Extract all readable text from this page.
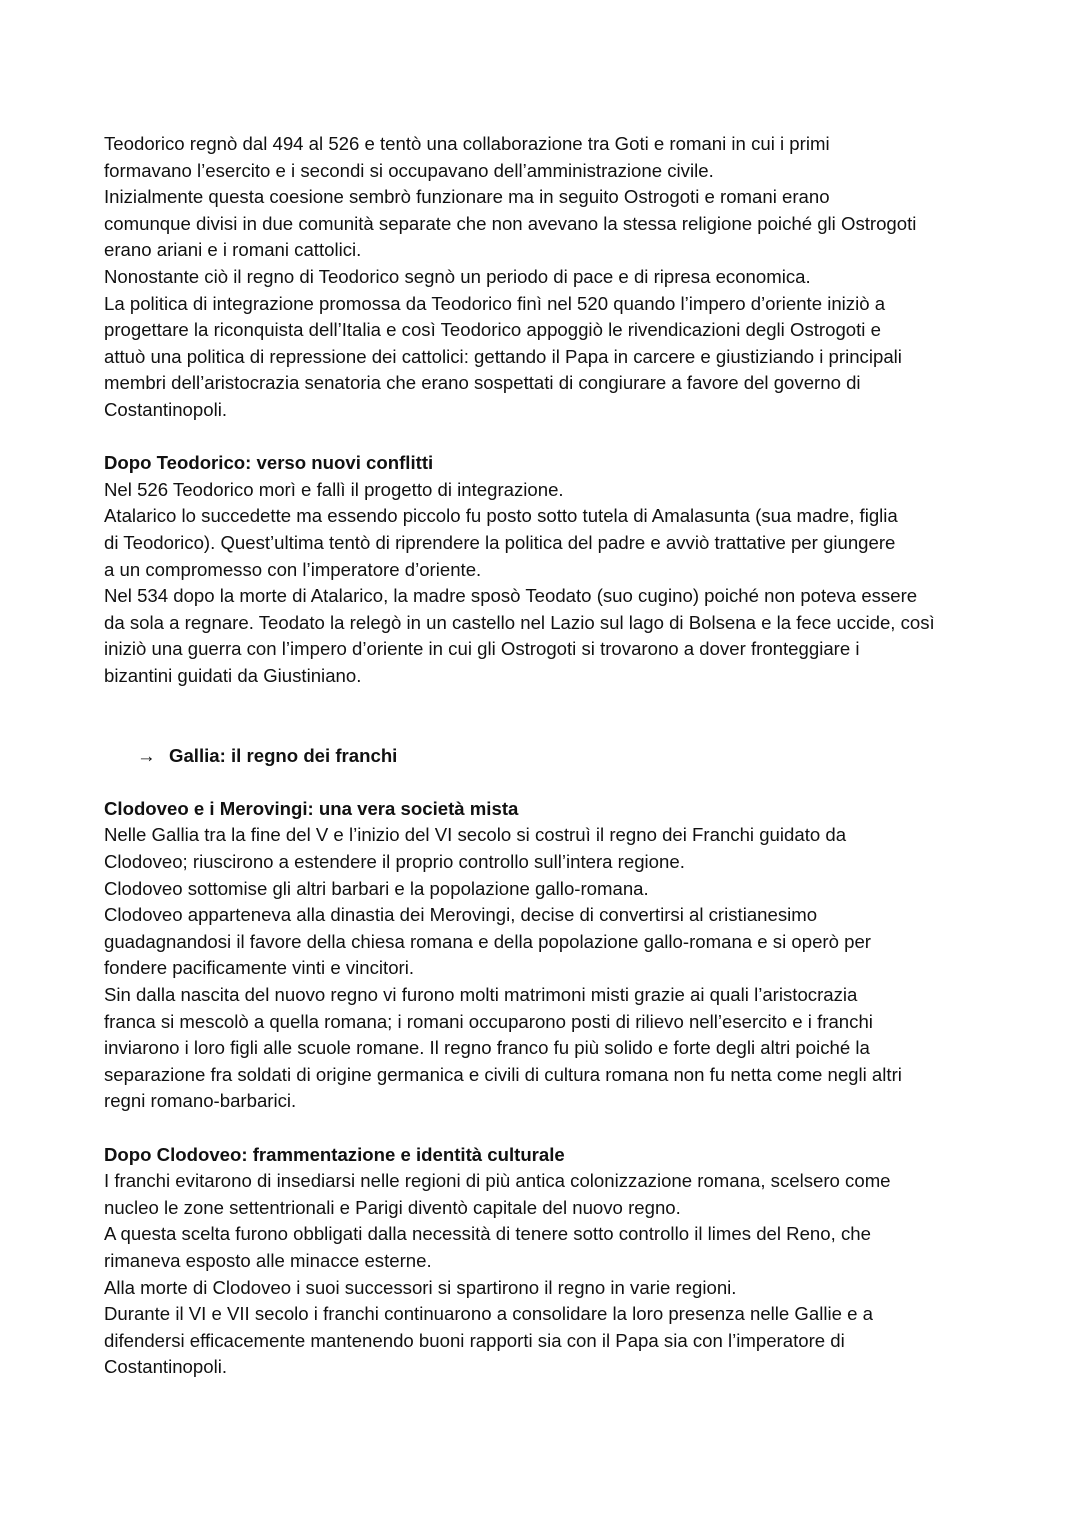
Teodorico regnò dal 494 al 526 e tentò una collaborazione tra Goti e romani in cui i primi
formavano l’esercito e i secondi si occupavano dell’amministrazione civile.
Inizialmente questa coesione sembrò funzionare ma in seguito Ostrogoti e romani erano
comunque divisi in due comunità separate che non avevano la stessa religione poiché gli Ostrogoti
erano ariani e i romani cattolici.
Nonostante ciò il regno di Teodorico segnò un periodo di pace e di ripresa economica.
La politica di integrazione promossa da Teodorico finì nel 520 quando l’impero d’oriente iniziò a
progettare la riconquista dell’Italia e così Teodorico appoggiò le rivendicazioni degli Ostrogoti e
attuò una politica di repressione dei cattolici: gettando il Papa in carcere e giustiziando i principali
membri dell’aristocrazia senatoria che erano sospettati di congiurare a favore del governo di
Costantinopoli.
Dopo Teodorico: verso nuovi conflitti
Nel 526 Teodorico morì e fallì il progetto di integrazione.
Atalarico lo succedette ma essendo piccolo fu posto sotto tutela di Amalasunta (sua madre, figlia
di Teodorico). Quest’ultima tentò di riprendere la politica del padre e avviò trattative per giungere
a un compromesso con l’imperatore d’oriente.
Nel 534 dopo la morte di Atalarico, la madre sposò Teodato (suo cugino) poiché non poteva essere
da sola a regnare. Teodato la relegò in un castello nel Lazio sul lago di Bolsena e la fece uccide, così
iniziò una guerra con l’impero d’oriente in cui gli Ostrogoti si trovarono a dover fronteggiare i
bizantini guidati da Giustiniano.
→ Gallia: il regno dei franchi
Clodoveo e i Merovingi: una vera società mista
Nelle Gallia tra la fine del V e l’inizio del VI secolo si costruì il regno dei Franchi guidato da
Clodoveo; riuscirono a estendere il proprio controllo sull’intera regione.
Clodoveo sottomise gli altri barbari e la popolazione gallo-romana.
Clodoveo apparteneva alla dinastia dei Merovingi, decise di convertirsi al cristianesimo
guadagnandosi il favore della chiesa romana e della popolazione gallo-romana e si operò per
fondere pacificamente vinti e vincitori.
Sin dalla nascita del nuovo regno vi furono molti matrimoni misti grazie ai quali l’aristocrazia
franca si mescolò a quella romana; i romani occuparono posti di rilievo nell’esercito e i franchi
inviarono i loro figli alle scuole romane. Il regno franco fu più solido e forte degli altri poiché la
separazione fra soldati di origine germanica e civili di cultura romana non fu netta come negli altri
regni romano-barbarici.
Dopo Clodoveo: frammentazione e identità culturale
I franchi evitarono di insediarsi nelle regioni di più antica colonizzazione romana, scelsero come
nucleo le zone settentrionali e Parigi diventò capitale del nuovo regno.
A questa scelta furono obbligati dalla necessità di tenere sotto controllo il limes del Reno, che
rimaneva esposto alle minacce esterne.
Alla morte di Clodoveo i suoi successori si spartirono il regno in varie regioni.
Durante il VI e VII secolo i franchi continuarono a consolidare la loro presenza nelle Gallie e a
difendersi efficacemente mantenendo buoni rapporti sia con il Papa sia con l’imperatore di
Costantinopoli.
